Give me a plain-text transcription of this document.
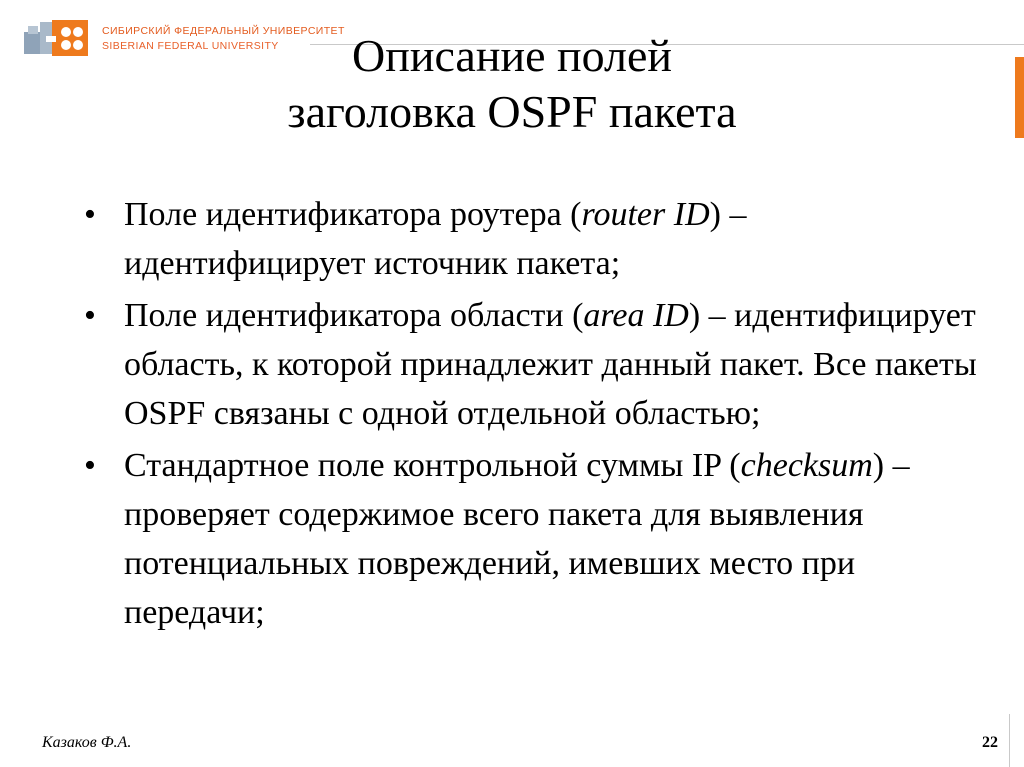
СИБИРСКИЙ ФЕДЕРАЛЬНЫЙ УНИВЕРСИТЕТ
SIBERIAN FEDERAL UNIVERSITY	Описание полей
заголовка OSPF пакета
• Поле идентификатора роутера (router ID) – идентифицирует источник пакета;
• Поле идентификатора области (area ID) – идентифицирует область, к которой принадлежит данный пакет. Все пакеты OSPF связаны с одной отдельной областью;
• Стандартное поле контрольной суммы IP (checksum) – проверяет содержимое всего пакета для выявления потенциальных повреждений, имевших место при передачи;
Казаков Ф.А.	22
